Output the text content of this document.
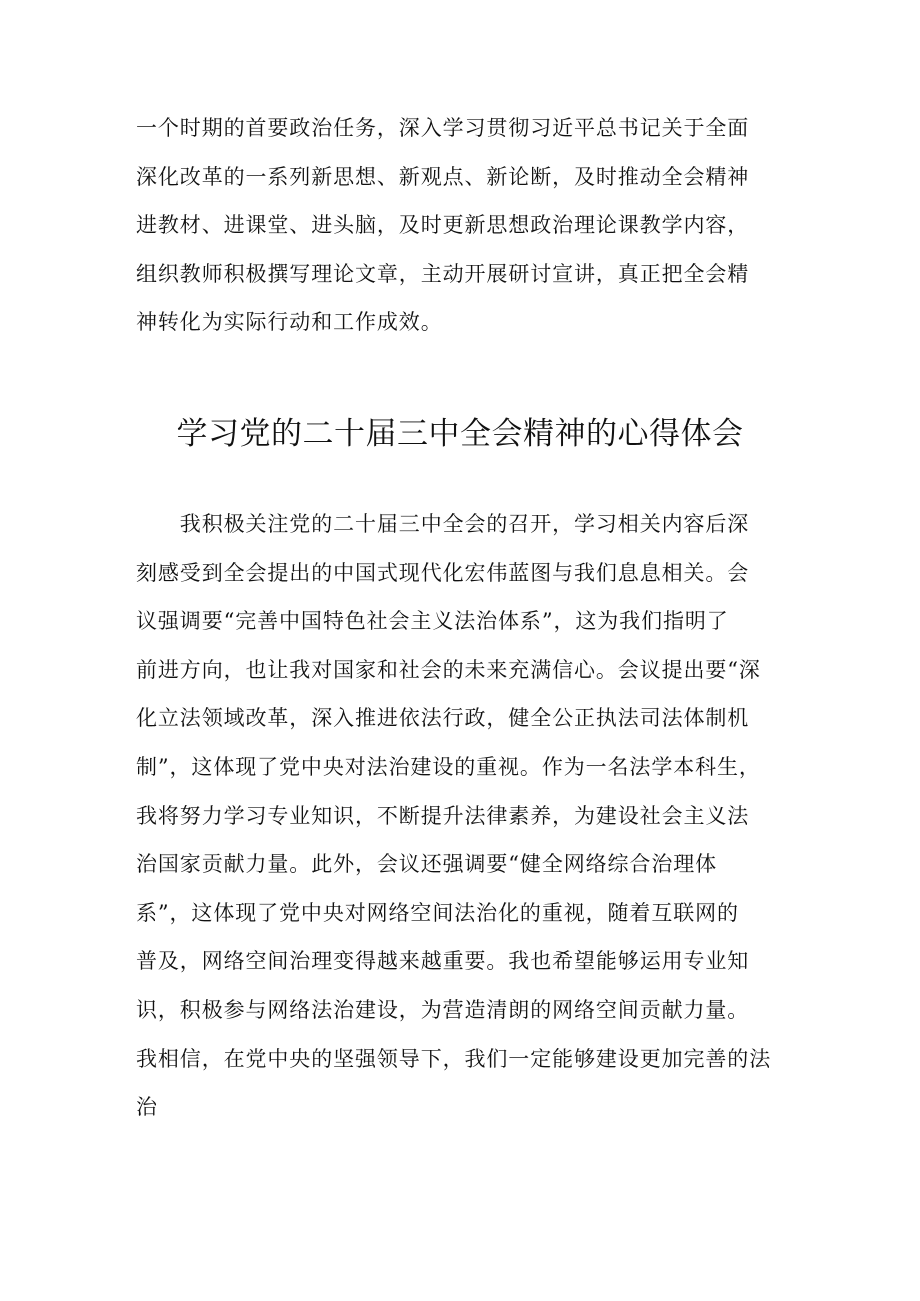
一个时期的首要政治任务，深入学习贯彻习近平总书记关于全面
深化改革的一系列新思想、新观点、新论断，及时推动全会精神
进教材、进课堂、进头脑，及时更新思想政治理论课教学内容，
组织教师积极撰写理论文章，主动开展研讨宣讲，真正把全会精
神转化为实际行动和工作成效。
学习党的二十届三中全会精神的心得体会
　　我积极关注党的二十届三中全会的召开，学习相关内容后深
刻感受到全会提出的中国式现代化宏伟蓝图与我们息息相关。会
议强调要“完善中国特色社会主义法治体系”，这为我们指明了
前进方向，也让我对国家和社会的未来充满信心。会议提出要“深
化立法领域改革，深入推进依法行政，健全公正执法司法体制机
制”，这体现了党中央对法治建设的重视。作为一名法学本科生，
我将努力学习专业知识，不断提升法律素养，为建设社会主义法
治国家贡献力量。此外，会议还强调要“健全网络综合治理体
系”，这体现了党中央对网络空间法治化的重视，随着互联网的
普及，网络空间治理变得越来越重要。我也希望能够运用专业知
识，积极参与网络法治建设，为营造清朗的网络空间贡献力量。
我相信，在党中央的坚强领导下，我们一定能够建设更加完善的法
治
